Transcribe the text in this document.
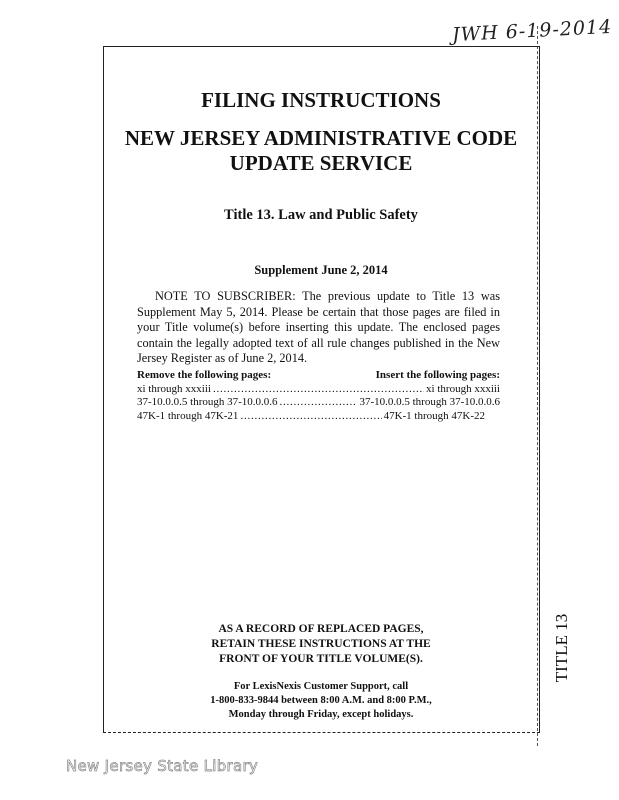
JWH 6-19-2014
FILING INSTRUCTIONS
NEW JERSEY ADMINISTRATIVE CODE
UPDATE SERVICE
Title 13. Law and Public Safety
Supplement June 2, 2014
NOTE TO SUBSCRIBER: The previous update to Title 13 was Supplement May 5, 2014. Please be certain that those pages are filed in your Title volume(s) before inserting this update. The enclosed pages contain the legally adopted text of all rule changes published in the New Jersey Register as of June 2, 2014.
Remove the following pages:	Insert the following pages:
xi through xxxiii . . .	xi through xxxiii
37-10.0.0.5 through 37-10.0.0.6 . . .	37-10.0.0.5 through 37-10.0.0.6
47K-1 through 47K-21 . . .	47K-1 through 47K-22
AS A RECORD OF REPLACED PAGES,
RETAIN THESE INSTRUCTIONS AT THE
FRONT OF YOUR TITLE VOLUME(S).
For LexisNexis Customer Support, call
1-800-833-9844 between 8:00 A.M. and 8:00 P.M.,
Monday through Friday, except holidays.
TITLE 13
New Jersey State Library
